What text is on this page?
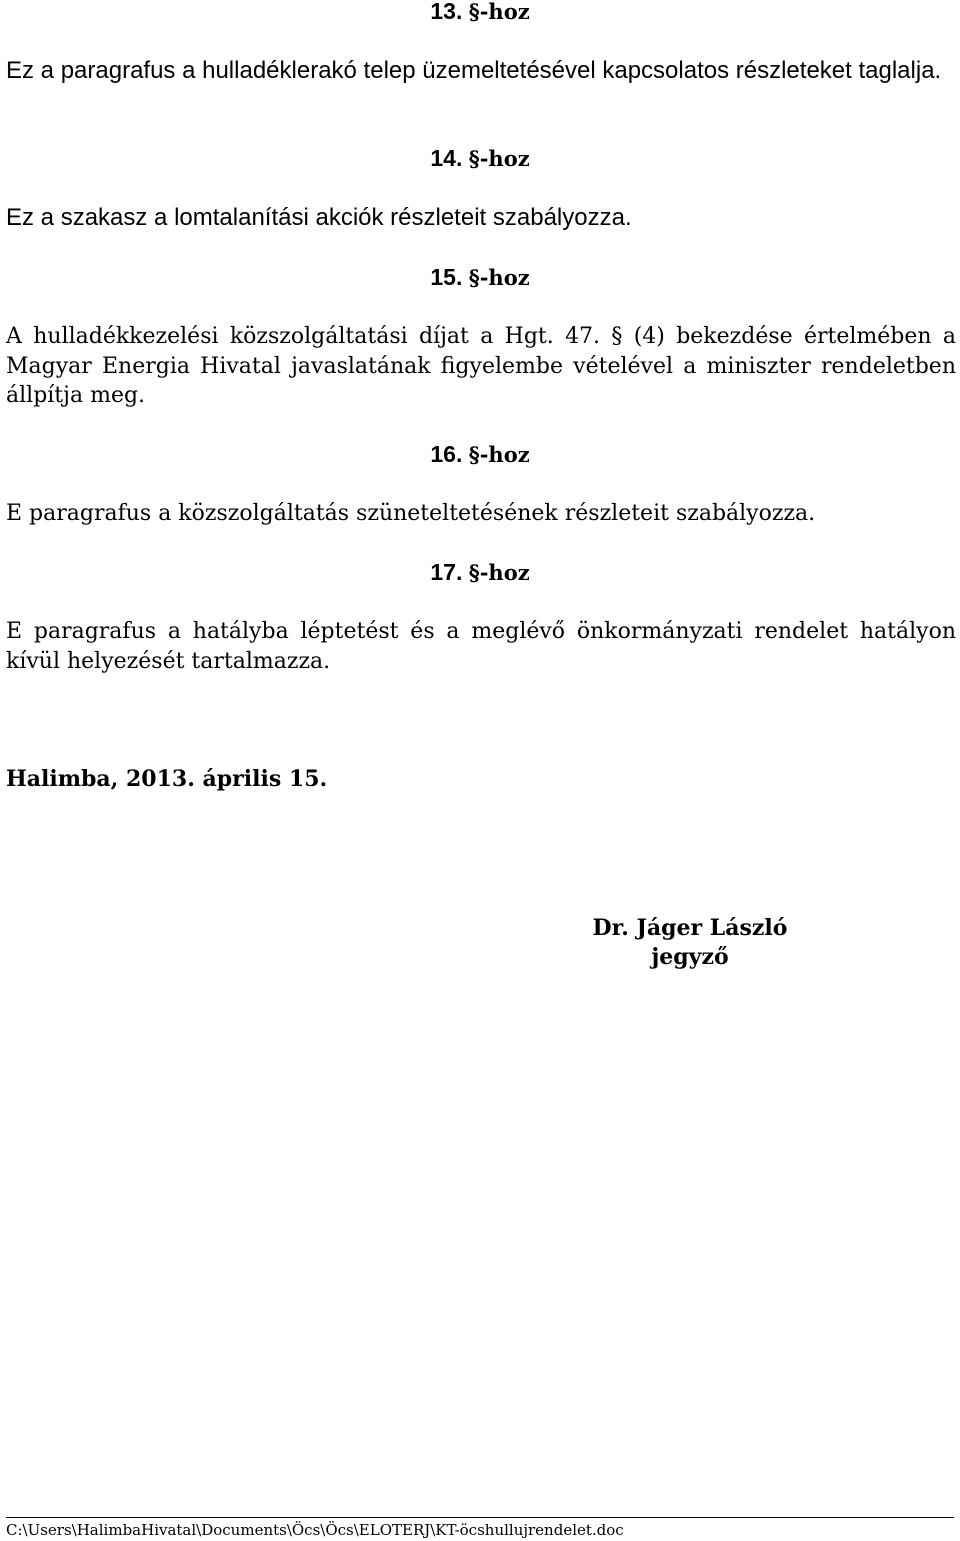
13. §-hoz
Ez a paragrafus a hulladéklerakó telep üzemeltetésével kapcsolatos részleteket taglalja.
14. §-hoz
Ez a szakasz a lomtalanítási akciók részleteit szabályozza.
15. §-hoz
A hulladékkezelési közszolgáltatási díjat a Hgt. 47. § (4) bekezdése értelmében a Magyar Energia Hivatal javaslatának figyelembe vételével a miniszter rendeletben állpítja meg.
16. §-hoz
E paragrafus a közszolgáltatás szüneteltetésének részleteit szabályozza.
17. §-hoz
E paragrafus a hatályba léptetést és a meglévő önkormányzati rendelet hatályon kívül helyezését tartalmazza.
Halimba, 2013. április 15.
Dr. Jáger László
jegyző
C:\Users\HalimbaHivatal\Documents\Öcs\Öcs\ELOTERJ\KT-öcshullujrendelet.doc
